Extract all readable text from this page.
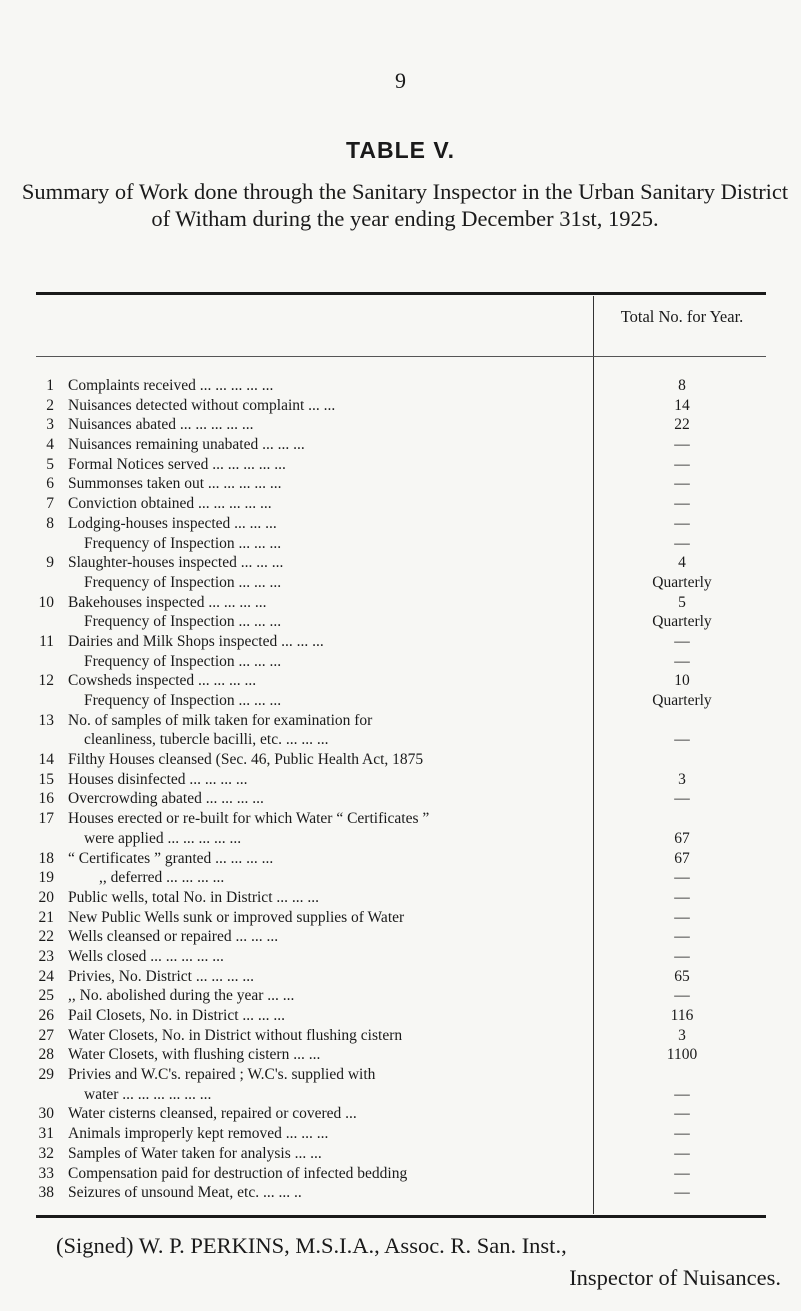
9
TABLE V.
Summary of Work done through the Sanitary Inspector in the Urban Sanitary District of Witham during the year ending December 31st, 1925.
Total No. for Year.
1 Complaints received ... ... ... ... ...	8
2 Nuisances detected without complaint ... ...	14
3 Nuisances abated ... ... ... ... ...	22
4 Nuisances remaining unabated ... ... ...	—
5 Formal Notices served ... ... ... ... ...	—
6 Summonses taken out ... ... ... ... ...	—
7 Conviction obtained ... ... ... ... ...	—
8 Lodging-houses inspected ... ... ...	—
Frequency of Inspection ... ... ...	—
9 Slaughter-houses inspected ... ... ...	4
Frequency of Inspection ... ... ...	Quarterly
10 Bakehouses inspected ... ... ... ...	5
Frequency of Inspection ... ... ...	Quarterly
11 Dairies and Milk Shops inspected ... ... ...	—
Frequency of Inspection ... ... ...	—
12 Cowsheds inspected ... ... ... ...	10
Frequency of Inspection ... ... ...	Quarterly
13 No. of samples of milk taken for examination for
cleanliness, tubercle bacilli, etc. ... ... ...	—
14 Filthy Houses cleansed (Sec. 46, Public Health Act, 1875
15 Houses disinfected ... ... ... ...	3
16 Overcrowding abated ... ... ... ...	—
17 Houses erected or re-built for which Water “ Certificates ”
were applied ... ... ... ... ...	67
18 “ Certificates ” granted ... ... ... ...	67
19	,, deferred ... ... ... ...	—
20 Public wells, total No. in District ... ... ...	—
21 New Public Wells sunk or improved supplies of Water	—
22 Wells cleansed or repaired ... ... ...	—
23 Wells closed ... ... ... ... ...	—
24 Privies, No. District ... ... ... ...	65
25 ,, No. abolished during the year ... ...	—
26 Pail Closets, No. in District ... ... ...	116
27 Water Closets, No. in District without flushing cistern	3
28 Water Closets, with flushing cistern ... ...	1100
29 Privies and W.C's. repaired ; W.C's. supplied with
water ... ... ... ... ... ...	—
30 Water cisterns cleansed, repaired or covered ...	—
31 Animals improperly kept removed ... ... ...	—
32 Samples of Water taken for analysis ... ...	—
33 Compensation paid for destruction of infected bedding	—
38 Seizures of unsound Meat, etc. ... ... ..	—
(Signed) W. P. PERKINS, M.S.I.A., Assoc. R. San. Inst.,
Inspector of Nuisances.
